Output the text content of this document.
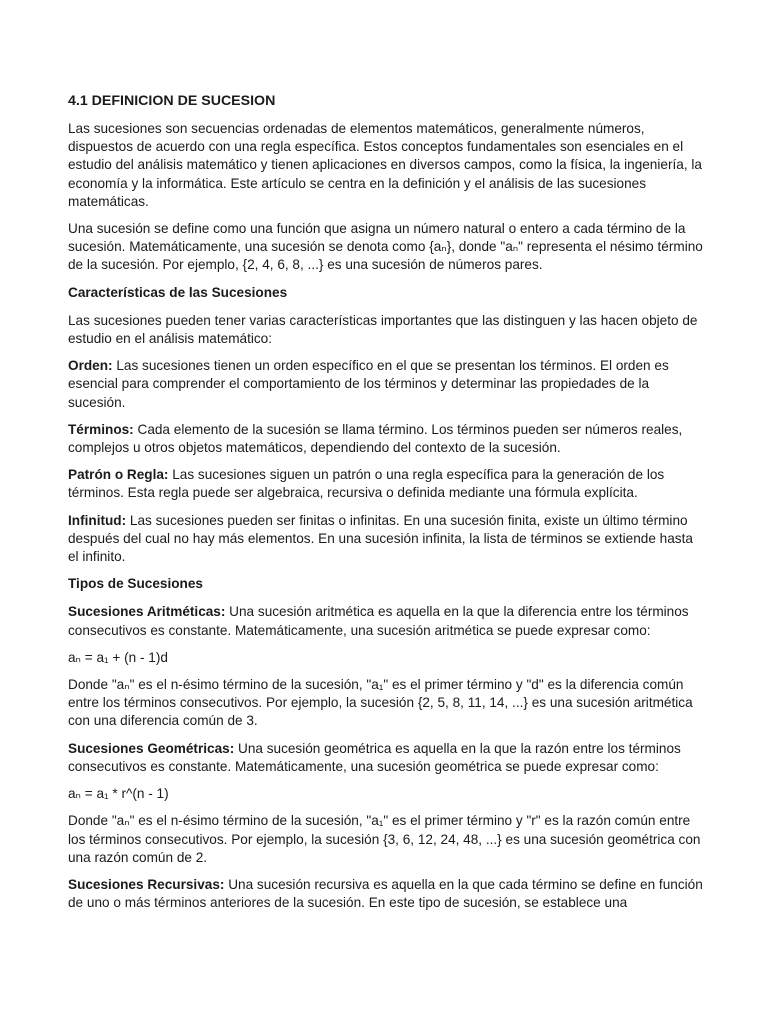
4.1 DEFINICION DE SUCESION

Las sucesiones son secuencias ordenadas de elementos matemáticos, generalmente números, dispuestos de acuerdo con una regla específica. Estos conceptos fundamentales son esenciales en el estudio del análisis matemático y tienen aplicaciones en diversos campos, como la física, la ingeniería, la economía y la informática. Este artículo se centra en la definición y el análisis de las sucesiones matemáticas.

Una sucesión se define como una función que asigna un número natural o entero a cada término de la sucesión. Matemáticamente, una sucesión se denota como {aₙ}, donde "aₙ" representa el nésimo término de la sucesión. Por ejemplo, {2, 4, 6, 8, ...} es una sucesión de números pares.

Características de las Sucesiones

Las sucesiones pueden tener varias características importantes que las distinguen y las hacen objeto de estudio en el análisis matemático:

Orden: Las sucesiones tienen un orden específico en el que se presentan los términos. El orden es esencial para comprender el comportamiento de los términos y determinar las propiedades de la sucesión.

Términos: Cada elemento de la sucesión se llama término. Los términos pueden ser números reales, complejos u otros objetos matemáticos, dependiendo del contexto de la sucesión.

Patrón o Regla: Las sucesiones siguen un patrón o una regla específica para la generación de los términos. Esta regla puede ser algebraica, recursiva o definida mediante una fórmula explícita.

Infinitud: Las sucesiones pueden ser finitas o infinitas. En una sucesión finita, existe un último término después del cual no hay más elementos. En una sucesión infinita, la lista de términos se extiende hasta el infinito.

Tipos de Sucesiones

Sucesiones Aritméticas: Una sucesión aritmética es aquella en la que la diferencia entre los términos consecutivos es constante. Matemáticamente, una sucesión aritmética se puede expresar como:

aₙ = a₁ + (n - 1)d

Donde "aₙ" es el n-ésimo término de la sucesión, "a₁" es el primer término y "d" es la diferencia común entre los términos consecutivos. Por ejemplo, la sucesión {2, 5, 8, 11, 14, ...} es una sucesión aritmética con una diferencia común de 3.

Sucesiones Geométricas: Una sucesión geométrica es aquella en la que la razón entre los términos consecutivos es constante. Matemáticamente, una sucesión geométrica se puede expresar como:

aₙ = a₁ * r^(n - 1)

Donde "aₙ" es el n-ésimo término de la sucesión, "a₁" es el primer término y "r" es la razón común entre los términos consecutivos. Por ejemplo, la sucesión {3, 6, 12, 24, 48, ...} es una sucesión geométrica con una razón común de 2.

Sucesiones Recursivas: Una sucesión recursiva es aquella en la que cada término se define en función de uno o más términos anteriores de la sucesión. En este tipo de sucesión, se establece una
